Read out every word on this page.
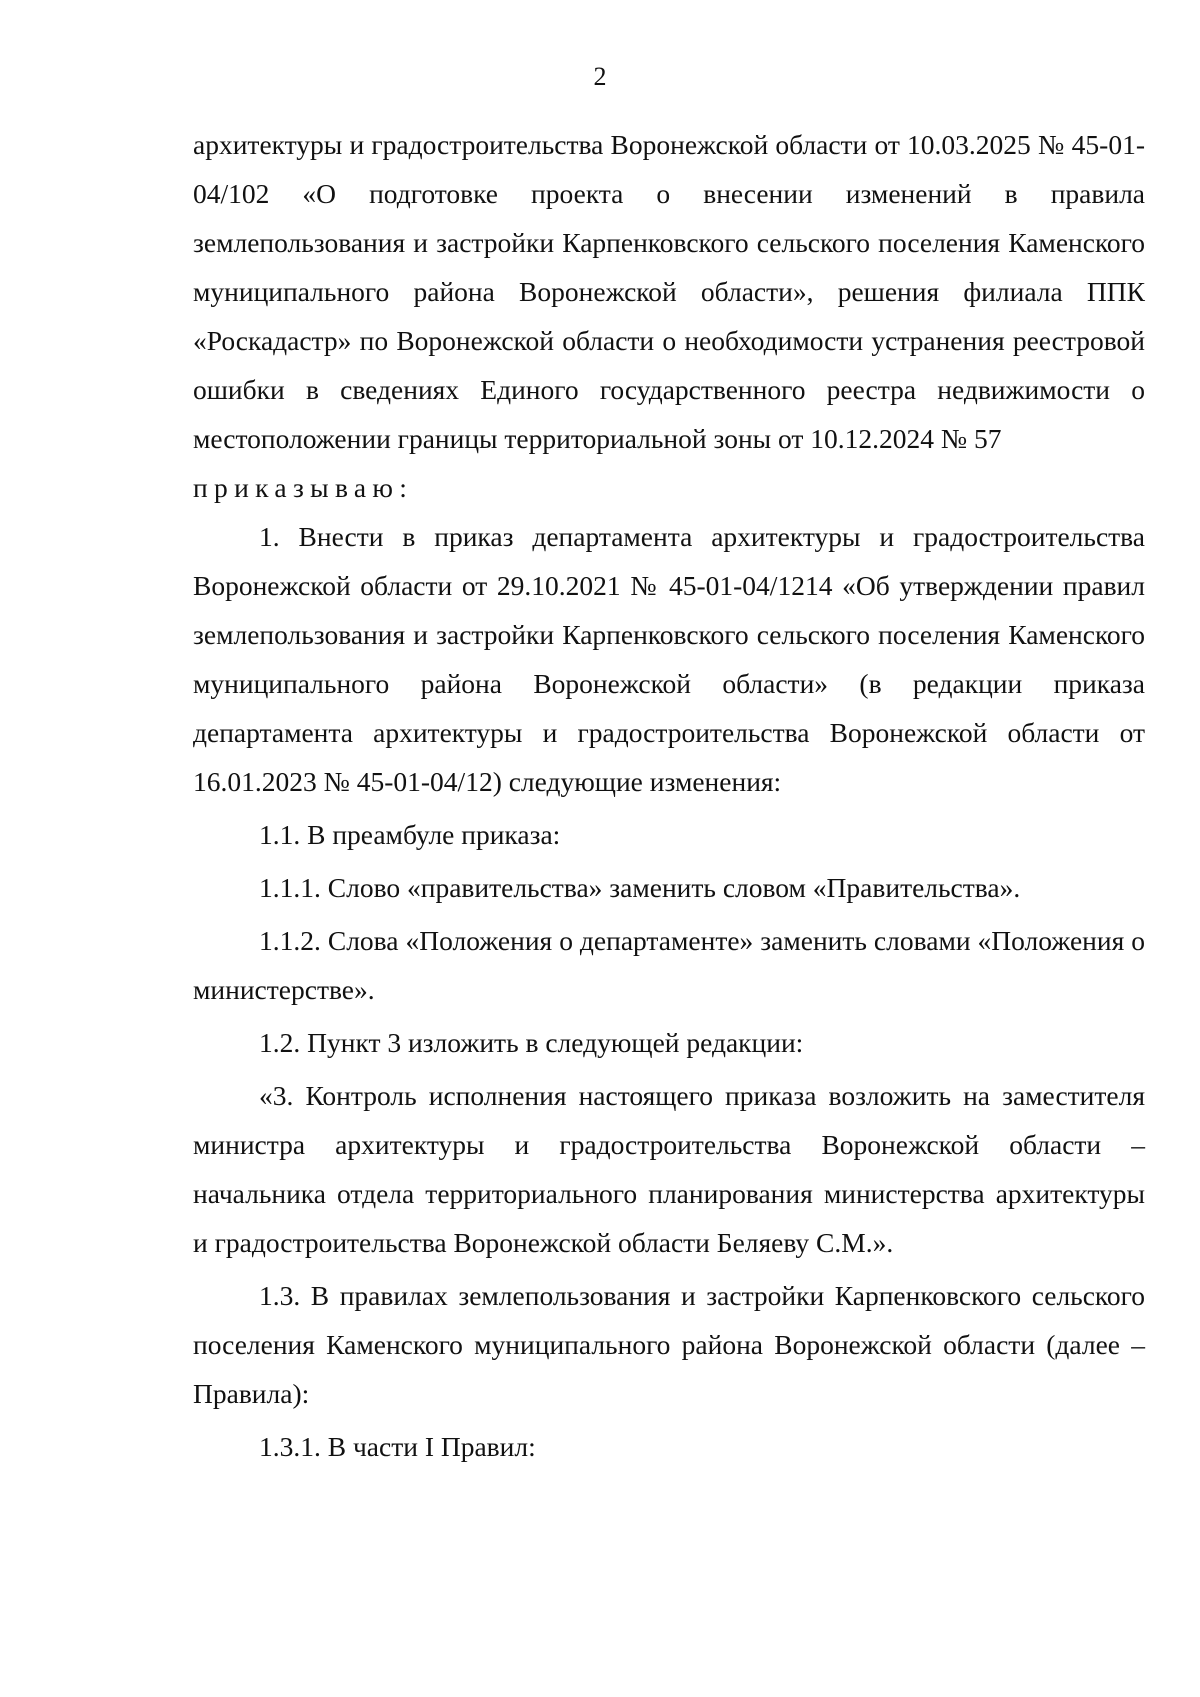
2

архитектуры и градостроительства Воронежской области от 10.03.2025 № 45-01-04/102 «О подготовке проекта о внесении изменений в правила землепользования и застройки Карпенковского сельского поселения Каменского муниципального района Воронежской области», решения филиала ППК «Роскадастр» по Воронежской области о необходимости устранения реестровой ошибки в сведениях Единого государственного реестра недвижимости о местоположении границы территориальной зоны от 10.12.2024 № 57

приказываю:

1. Внести в приказ департамента архитектуры и градостроительства Воронежской области от 29.10.2021 № 45-01-04/1214 «Об утверждении правил землепользования и застройки Карпенковского сельского поселения Каменского муниципального района Воронежской области» (в редакции приказа департамента архитектуры и градостроительства Воронежской области от 16.01.2023 № 45-01-04/12) следующие изменения:

1.1. В преамбуле приказа:

1.1.1. Слово «правительства» заменить словом «Правительства».

1.1.2. Слова «Положения о департаменте» заменить словами «Положения о министерстве».

1.2. Пункт 3 изложить в следующей редакции:

«3. Контроль исполнения настоящего приказа возложить на заместителя министра архитектуры и градостроительства Воронежской области – начальника отдела территориального планирования министерства архитектуры и градостроительства Воронежской области Беляеву С.М.».

1.3. В правилах землепользования и застройки Карпенковского сельского поселения Каменского муниципального района Воронежской области (далее – Правила):

1.3.1. В части I Правил:
